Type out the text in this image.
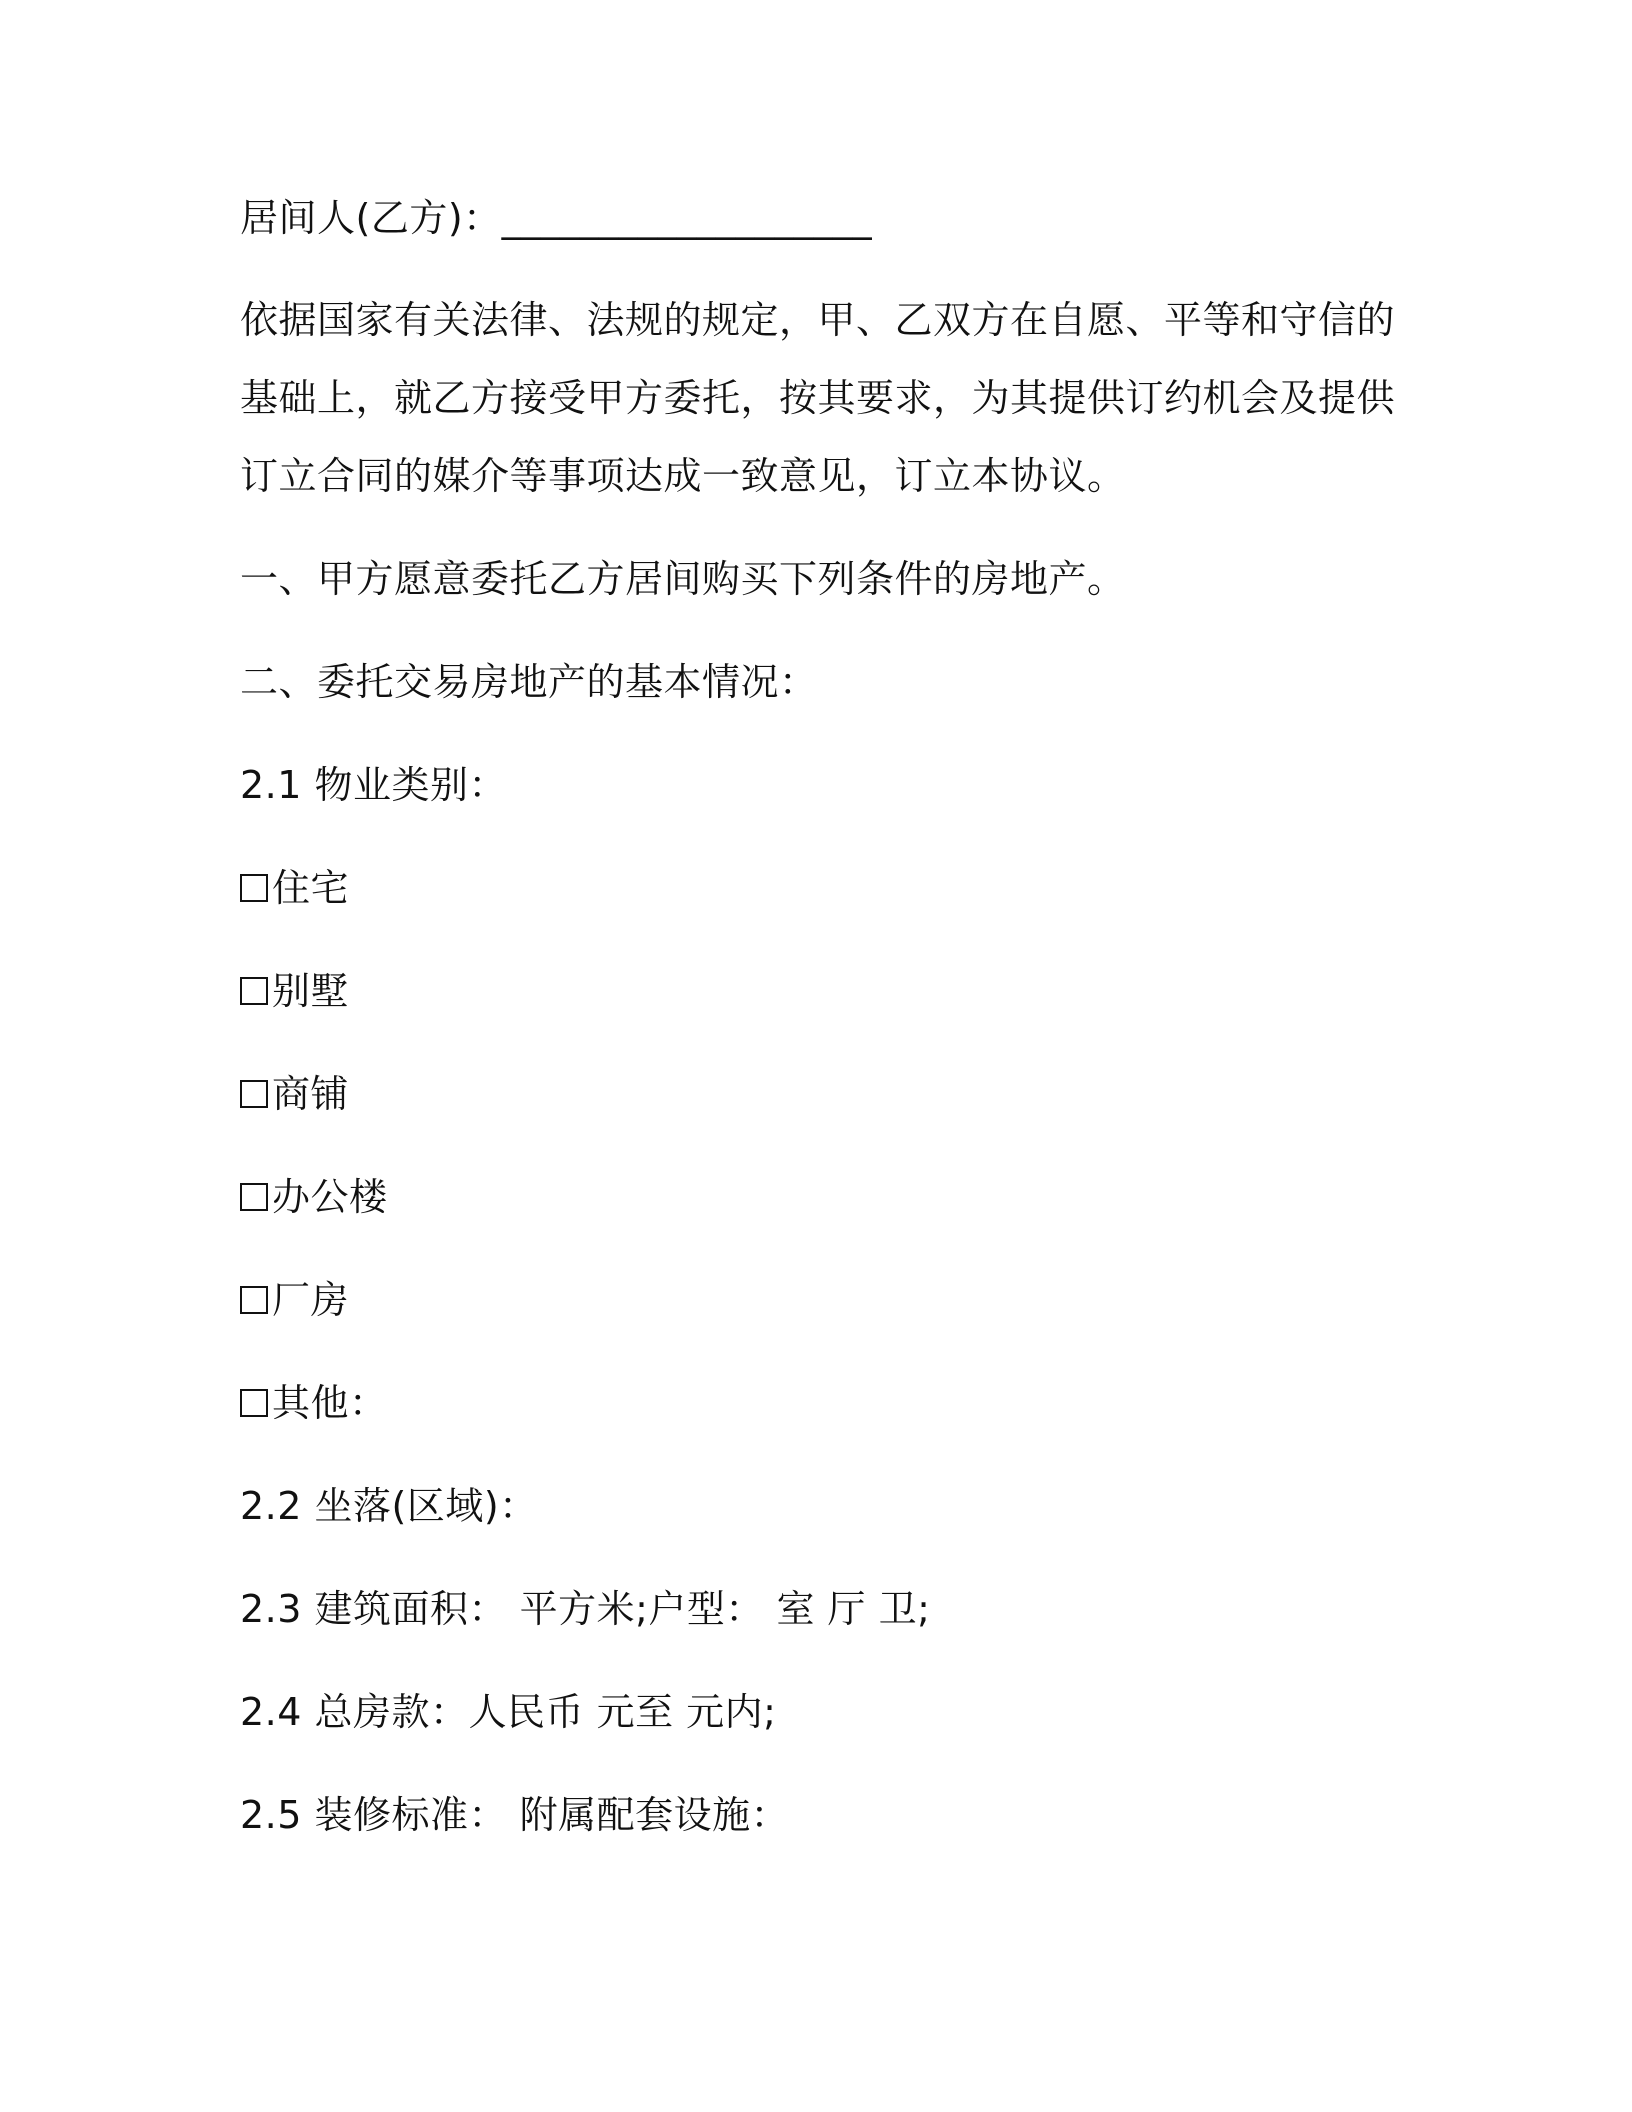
居间人(乙方)：___________________
依据国家有关法律、法规的规定，甲、乙双方在自愿、平等和守信的
基础上，就乙方接受甲方委托，按其要求，为其提供订约机会及提供
订立合同的媒介等事项达成一致意见，订立本协议。
一、甲方愿意委托乙方居间购买下列条件的房地产。
二、委托交易房地产的基本情况：
2.1 物业类别：
住宅
别墅
商铺
办公楼
厂房
其他：
2.2 坐落(区域)：
2.3 建筑面积： 平方米;户型： 室 厅 卫;
2.4 总房款：人民币 元至 元内;
2.5 装修标准： 附属配套设施：
